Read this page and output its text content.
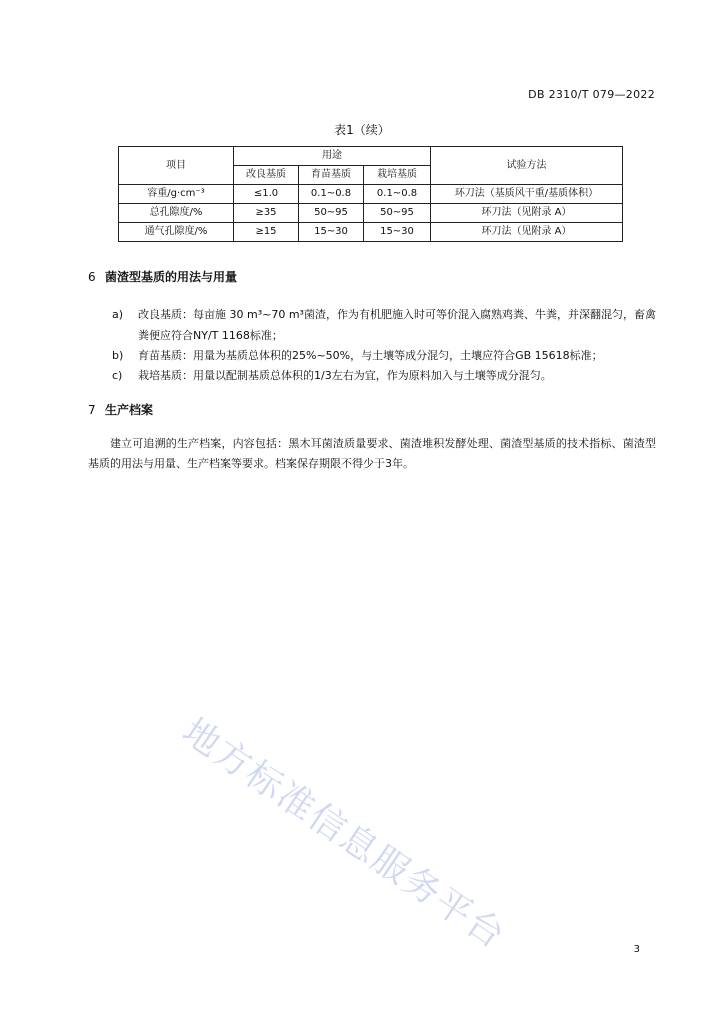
DB 2310/T 079—2022
表1（续）
项目	用途			试验方法
	改良基质	育苗基质	栽培基质	
容重/g·cm⁻³	≤1.0	0.1~0.8	0.1~0.8	环刀法（基质风干重/基质体积）
总孔隙度/%	≥35	50~95	50~95	环刀法（见附录 A）
通气孔隙度/%	≥15	15~30	15~30	环刀法（见附录 A）
6 菌渣型基质的用法与用量
a) 改良基质：每亩施 30 m³~70 m³菌渣，作为有机肥施入时可等价混入腐熟鸡粪、牛粪，并深翻混匀，畜禽粪便应符合NY/T 1168标准；
b) 育苗基质：用量为基质总体积的25%~50%，与土壤等成分混匀，土壤应符合GB 15618标准；
c) 栽培基质：用量以配制基质总体积的1/3左右为宜，作为原料加入与土壤等成分混匀。
7 生产档案
建立可追溯的生产档案，内容包括：黑木耳菌渣质量要求、菌渣堆积发酵处理、菌渣型基质的技术指标、菌渣型基质的用法与用量、生产档案等要求。档案保存期限不得少于3年。
地方标准信息服务平台	3
